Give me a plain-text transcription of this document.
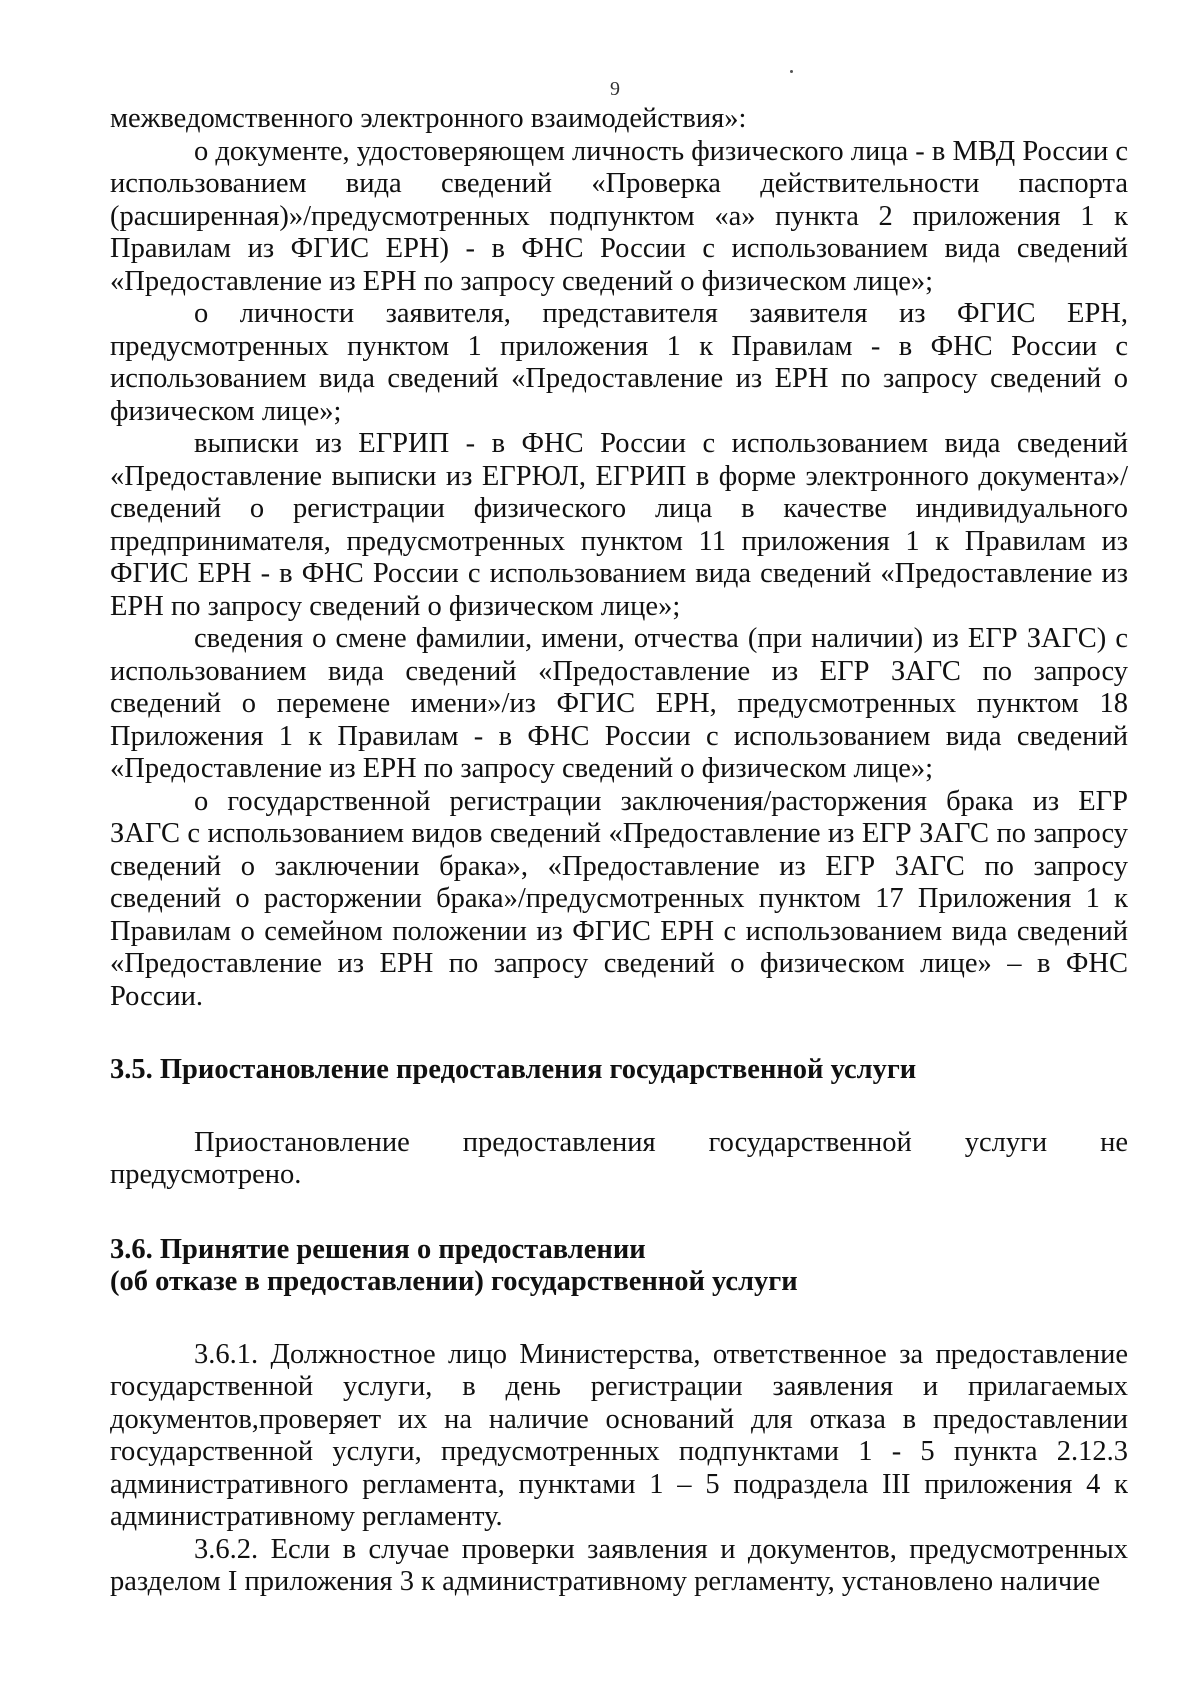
9

межведомственного электронного взаимодействия»:

о документе, удостоверяющем личность физического лица - в МВД России с использованием вида сведений «Проверка действительности паспорта (расширенная)»/предусмотренных подпунктом «а» пункта 2 приложения 1 к Правилам из ФГИС ЕРН) - в ФНС России с использованием вида сведений «Предоставление из ЕРН по запросу сведений о физическом лице»;

о личности заявителя, представителя заявителя из ФГИС ЕРН, предусмотренных пунктом 1 приложения 1 к Правилам - в ФНС России с использованием вида сведений «Предоставление из ЕРН по запросу сведений о физическом лице»;

выписки из ЕГРИП - в ФНС России с использованием вида сведений «Предоставление выписки из ЕГРЮЛ, ЕГРИП в форме электронного документа»/сведений о регистрации физического лица в качестве индивидуального предпринимателя, предусмотренных пунктом 11 приложения 1 к Правилам из ФГИС ЕРН - в ФНС России с использованием вида сведений «Предоставление из ЕРН по запросу сведений о физическом лице»;

сведения о смене фамилии, имени, отчества (при наличии) из ЕГР ЗАГС) с использованием вида сведений «Предоставление из ЕГР ЗАГС по запросу сведений о перемене имени»/из ФГИС ЕРН, предусмотренных пунктом 18 Приложения 1 к Правилам - в ФНС России с использованием вида сведений «Предоставление из ЕРН по запросу сведений о физическом лице»;

о государственной регистрации заключения/расторжения брака из ЕГР ЗАГС с использованием видов сведений «Предоставление из ЕГР ЗАГС по запросу сведений о заключении брака», «Предоставление из ЕГР ЗАГС по запросу сведений о расторжении брака»/предусмотренных пунктом 17 Приложения 1 к Правилам о семейном положении из ФГИС ЕРН с использованием вида сведений «Предоставление из ЕРН по запросу сведений о физическом лице» – в ФНС России.

3.5. Приостановление предоставления государственной услуги

Приостановление предоставления государственной услуги не предусмотрено.

3.6. Принятие решения о предоставлении
(об отказе в предоставлении) государственной услуги

3.6.1. Должностное лицо Министерства, ответственное за предоставление государственной услуги, в день регистрации заявления и прилагаемых документов,проверяет их на наличие оснований для отказа в предоставлении государственной услуги, предусмотренных подпунктами 1 - 5 пункта 2.12.3 административного регламента, пунктами 1 – 5 подраздела III приложения 4 к административному регламенту.

3.6.2. Если в случае проверки заявления и документов, предусмотренных разделом I приложения 3 к административному регламенту, установлено наличие
